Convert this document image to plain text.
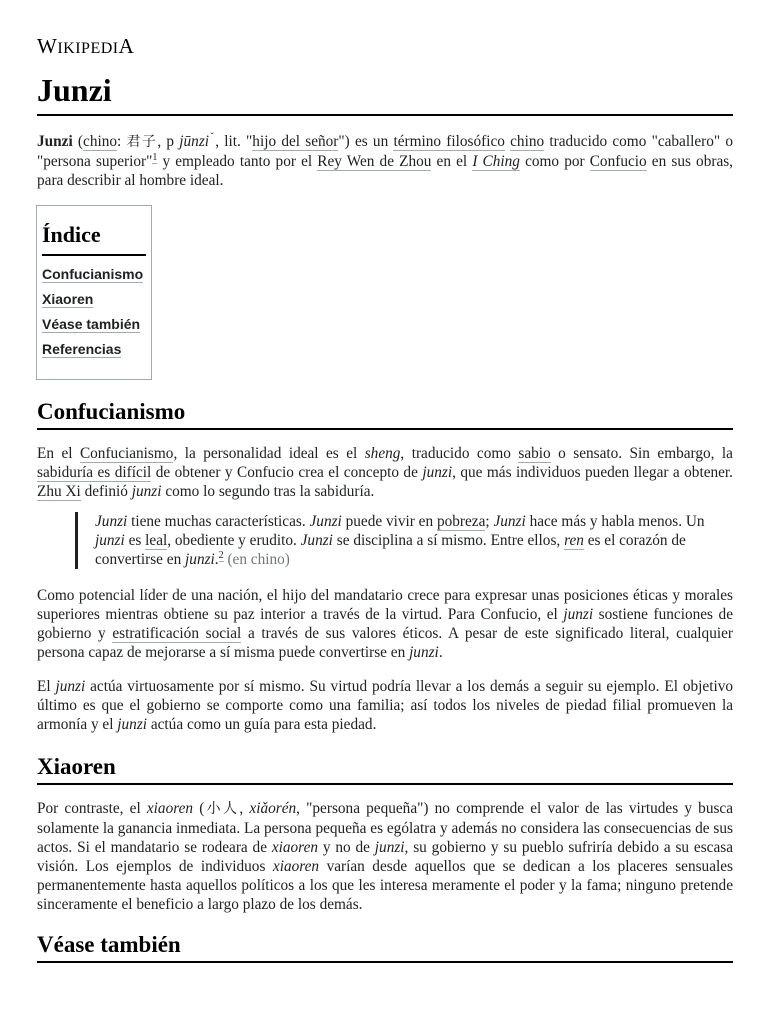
WIKIPEDIA
Junzi

Junzi (chino: 君子, p jūnzi$^ˇ$, lit. "hijo del señor") es un término filosófico chino traducido como "caballero" o "persona superior"$^1$ y empleado tanto por el Rey Wen de Zhou en el I Ching como por Confucio en sus obras, para describir al hombre ideal.

Índice
Confucianismo
Xiaoren
Véase también
Referencias
Confucianismo

En el Confucianismo, la personalidad ideal es el sheng, traducido como sabio o sensato. Sin embargo, la sabiduría es difícil de obtener y Confucio crea el concepto de junzi, que más individuos pueden llegar a obtener. Zhu Xi definió junzi como lo segundo tras la sabiduría.

Junzi tiene muchas características. Junzi puede vivir en pobreza; Junzi hace más y habla menos. Un junzi es leal, obediente y erudito. Junzi se disciplina a sí mismo. Entre ellos, ren es el corazón de convertirse en junzi.$^2$ (en chino)

Como potencial líder de una nación, el hijo del mandatario crece para expresar unas posiciones éticas y morales superiores mientras obtiene su paz interior a través de la virtud. Para Confucio, el junzi sostiene funciones de gobierno y estratificación social a través de sus valores éticos. A pesar de este significado literal, cualquier persona capaz de mejorarse a sí misma puede convertirse en junzi.

El junzi actúa virtuosamente por sí mismo. Su virtud podría llevar a los demás a seguir su ejemplo. El objetivo último es que el gobierno se comporte como una familia; así todos los niveles de piedad filial promueven la armonía y el junzi actúa como un guía para esta piedad.

Xiaoren

Por contraste, el xiaoren (小人, xiǎorén, "persona pequeña") no comprende el valor de las virtudes y busca solamente la ganancia inmediata. La persona pequeña es ególatra y además no considera las consecuencias de sus actos. Si el mandatario se rodeara de xiaoren y no de junzi, su gobierno y su pueblo sufriría debido a su escasa visión. Los ejemplos de individuos xiaoren varían desde aquellos que se dedican a los placeres sensuales permanentemente hasta aquellos políticos a los que les interesa meramente el poder y la fama; ninguno pretende sinceramente el beneficio a largo plazo de los demás.

Véase también
